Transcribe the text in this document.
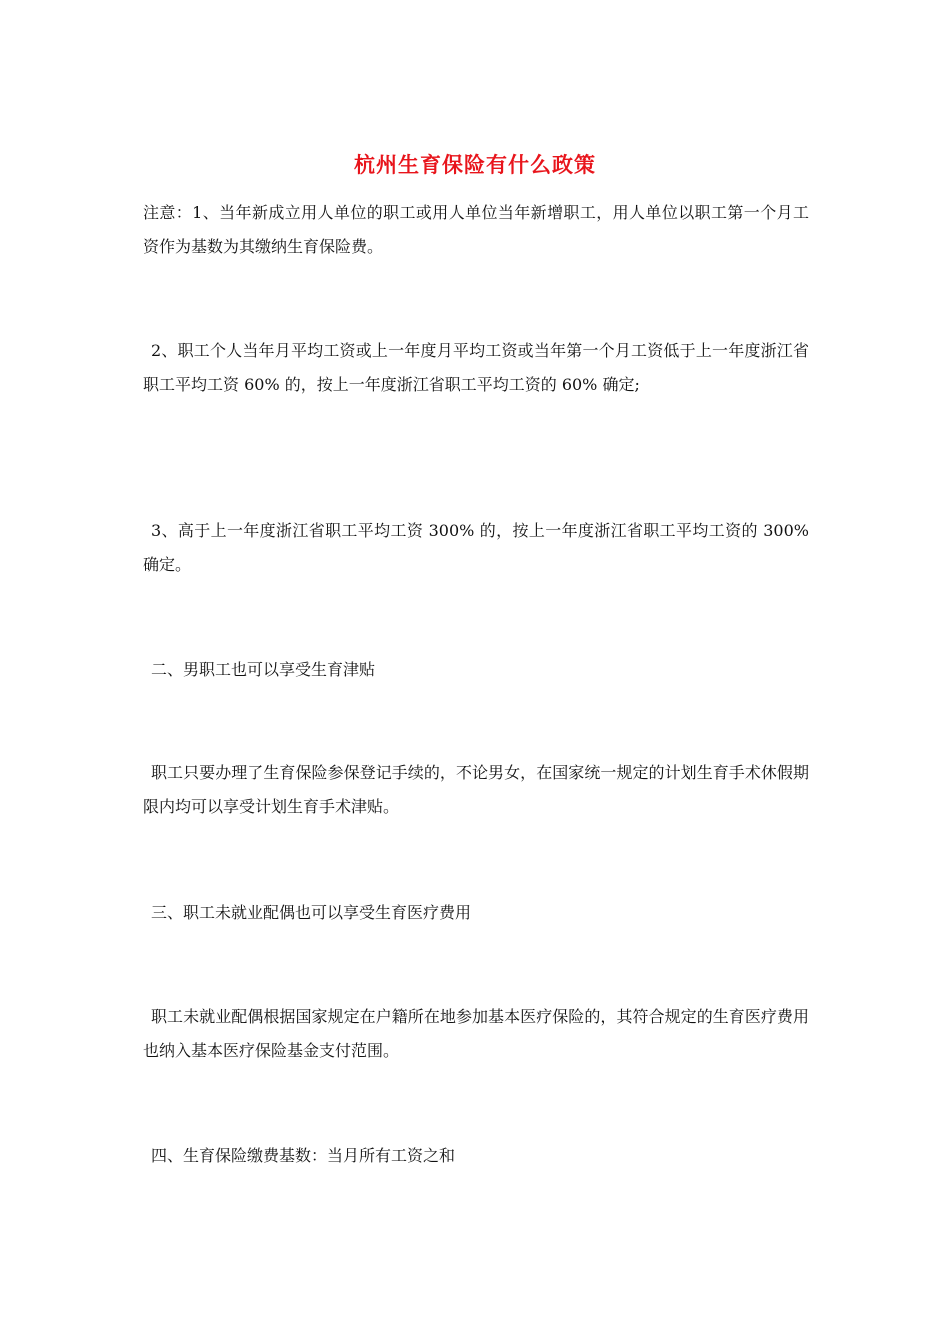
杭州生育保险有什么政策

注意：1、当年新成立用人单位的职工或用人单位当年新增职工，用人单位以职工第一个月工资作为基数为其缴纳生育保险费。

2、职工个人当年月平均工资或上一年度月平均工资或当年第一个月工资低于上一年度浙江省职工平均工资 60% 的，按上一年度浙江省职工平均工资的 60% 确定;

3、高于上一年度浙江省职工平均工资 300% 的，按上一年度浙江省职工平均工资的 300% 确定。

二、男职工也可以享受生育津贴

职工只要办理了生育保险参保登记手续的，不论男女，在国家统一规定的计划生育手术休假期限内均可以享受计划生育手术津贴。

三、职工未就业配偶也可以享受生育医疗费用

职工未就业配偶根据国家规定在户籍所在地参加基本医疗保险的，其符合规定的生育医疗费用也纳入基本医疗保险基金支付范围。

四、生育保险缴费基数：当月所有工资之和
